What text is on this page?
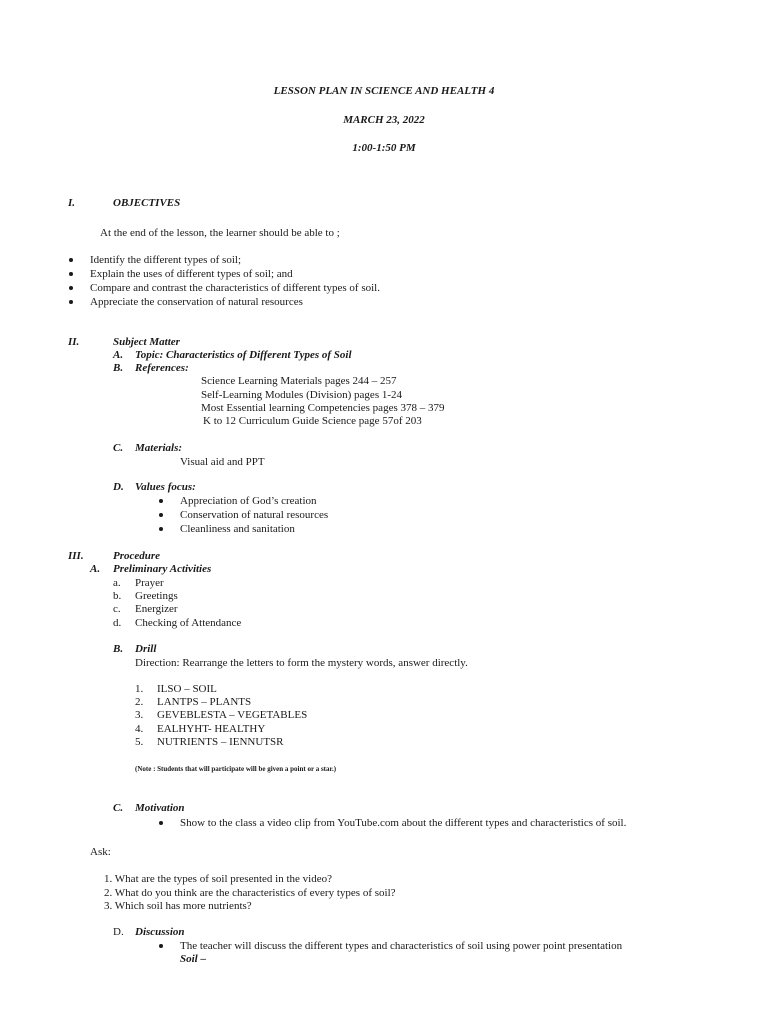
LESSON PLAN IN SCIENCE AND HEALTH 4
MARCH 23, 2022
1:00-1:50 PM
I.	OBJECTIVES
At the end of the lesson, the learner should be able to ;
Identify the different types of soil;
Explain the uses of different types of soil; and
Compare and contrast the characteristics of different types of soil.
Appreciate the conservation of natural resources
II.	Subject Matter
A. Topic: Characteristics of Different Types of Soil
B. References:
Science Learning Materials pages 244 – 257
Self-Learning Modules (Division) pages 1-24
Most Essential learning Competencies pages 378 – 379
K to 12 Curriculum Guide Science page 57of 203
C. Materials:
Visual aid and PPT
D. Values focus:
Appreciation of God’s creation
Conservation of natural resources
Cleanliness and sanitation
III.	Procedure
A. Preliminary Activities
a. Prayer
b. Greetings
c. Energizer
d. Checking of Attendance
B. Drill
Direction: Rearrange the letters to form the mystery words, answer directly.
1. ILSO – SOIL
2. LANTPS – PLANTS
3. GEVEBLESTA – VEGETABLES
4. EALHYHT- HEALTHY
5. NUTRIENTS – IENNUTSR
(Note : Students that will participate will be given a point or a star.)
C. Motivation
Show to the class a video clip from YouTube.com about the different types and characteristics of soil.
Ask:
1. What are the types of soil presented in the video?
2. What do you think are the characteristics of every types of soil?
3. Which soil has more nutrients?
D. Discussion
The teacher will discuss the different types and characteristics of soil using power point presentation
Soil –
